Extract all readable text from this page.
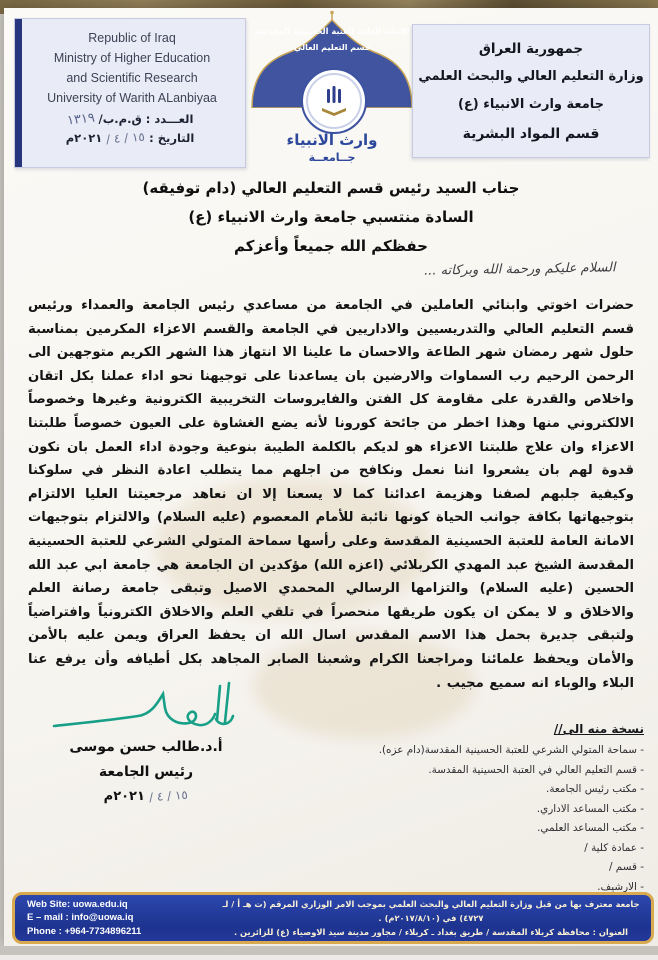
Republic of Iraq
Ministry of Higher Education
and Scientific Research
University of Warith ALanbiyaa
العـــدد : ق.م.ب/ ١٣١٩
التاريخ : ١٥ / ٤ / ٢٠٢١م
الامانة العامة للعتبة الحسينية المقدسة
قسم التعليم العالي
وارث الانبياء
جــامعــة
جمهورية العراق
وزارة التعليم العالي والبحث العلمي
جامعة وارث الانبياء (ع)
قسم المواد البشرية
جناب السيد رئيس قسم التعليم العالي (دام توفيقه)
السادة منتسبي جامعة وارث الانبياء (ع)
حفظكم الله جميعاً وأعزكم
السلام عليكم ورحمة الله وبركاته ...
حضرات اخوتي وابنائي العاملين في الجامعة من مساعدي رئيس الجامعة والعمداء ورئيس قسم التعليم العالي والتدريسيين والاداريين في الجامعة والقسم الاعزاء المكرمين بمناسبة حلول شهر رمضان شهر الطاعة والاحسان ما علينا الا انتهاز هذا الشهر الكريم متوجهين الى الرحمن الرحيم رب السماوات والارضين بان يساعدنا على توجيهنا نحو اداء عملنا بكل اتقان واخلاص والقدرة على مقاومة كل الفتن والفايروسات التخريبية الكترونية وغيرها وخصوصاً الالكتروني منها وهذا اخطر من جائحة كورونا لأنه يضع الغشاوة على العيون خصوصاً طلبتنا الاعزاء وان علاج طلبتنا الاعزاء هو لديكم بالكلمة الطيبة بنوعية وجودة اداء العمل بان نكون قدوة لهم بان يشعروا اننا نعمل ونكافح من اجلهم مما يتطلب اعادة النظر في سلوكنا وكيفية جلبهم لصفنا وهزيمة اعدائنا كما لا يسعنا إلا ان نعاهد مرجعيتنا العليا الالتزام بتوجيهاتها بكافة جوانب الحياة كونها نائبة للأمام المعصوم (عليه السلام) والالتزام بتوجيهات الامانة العامة للعتبة الحسينية المقدسة وعلى رأسها سماحة المتولي الشرعي للعتبة الحسينية المقدسة الشيخ عبد المهدي الكربلائي (اعزه الله) مؤكدين ان الجامعة هي جامعة ابي عبد الله الحسين (عليه السلام) والتزامها الرسالي المحمدي الاصيل وتبقى جامعة رصانة العلم والاخلاق و لا يمكن ان يكون طريقها منحصراً في تلقي العلم والاخلاق الكترونياً وافتراضياً ولتبقى جديرة بحمل هذا الاسم المقدس اسال الله ان يحفظ العراق ويمن عليه بالأمن والأمان ويحفظ علمائنا ومراجعنا الكرام وشعبنا الصابر المجاهد بكل أطيافه وأن يرفع عنا البلاء والوباء انه سميع مجيب .
أ.د.طالب حسن موسى
رئيس الجامعة
١٥ / ٤ / ٢٠٢١م
نسخة منه الى//
- سماحة المتولي الشرعي للعتبة الحسينية المقدسة(دام عزه).
- قسم التعليم العالي في العتبة الحسينية المقدسة.
- مكتب رئيس الجامعة.
- مكتب المساعد الاداري.
- مكتب المساعد العلمي.
- عمادة كلية /
- قسم /
- الارشيف.
Web Site: uowa.edu.iq
E – mail : info@uowa.iq
Phone : +964-7734896211
جامعة معترف بها من قبل وزارة التعليم العالي والبحث العلمي بموجب الامر الوزاري المرقم (ت هـ أ / لـ ٤٧٢٧) في (٢٠١٧/٨/١٠م) .
العنوان : محافظة كربلاء المقدسة / طريق بغداد ـ كربلاء / مجاور مدينة سيد الاوصياء (ع) للزائرين .
